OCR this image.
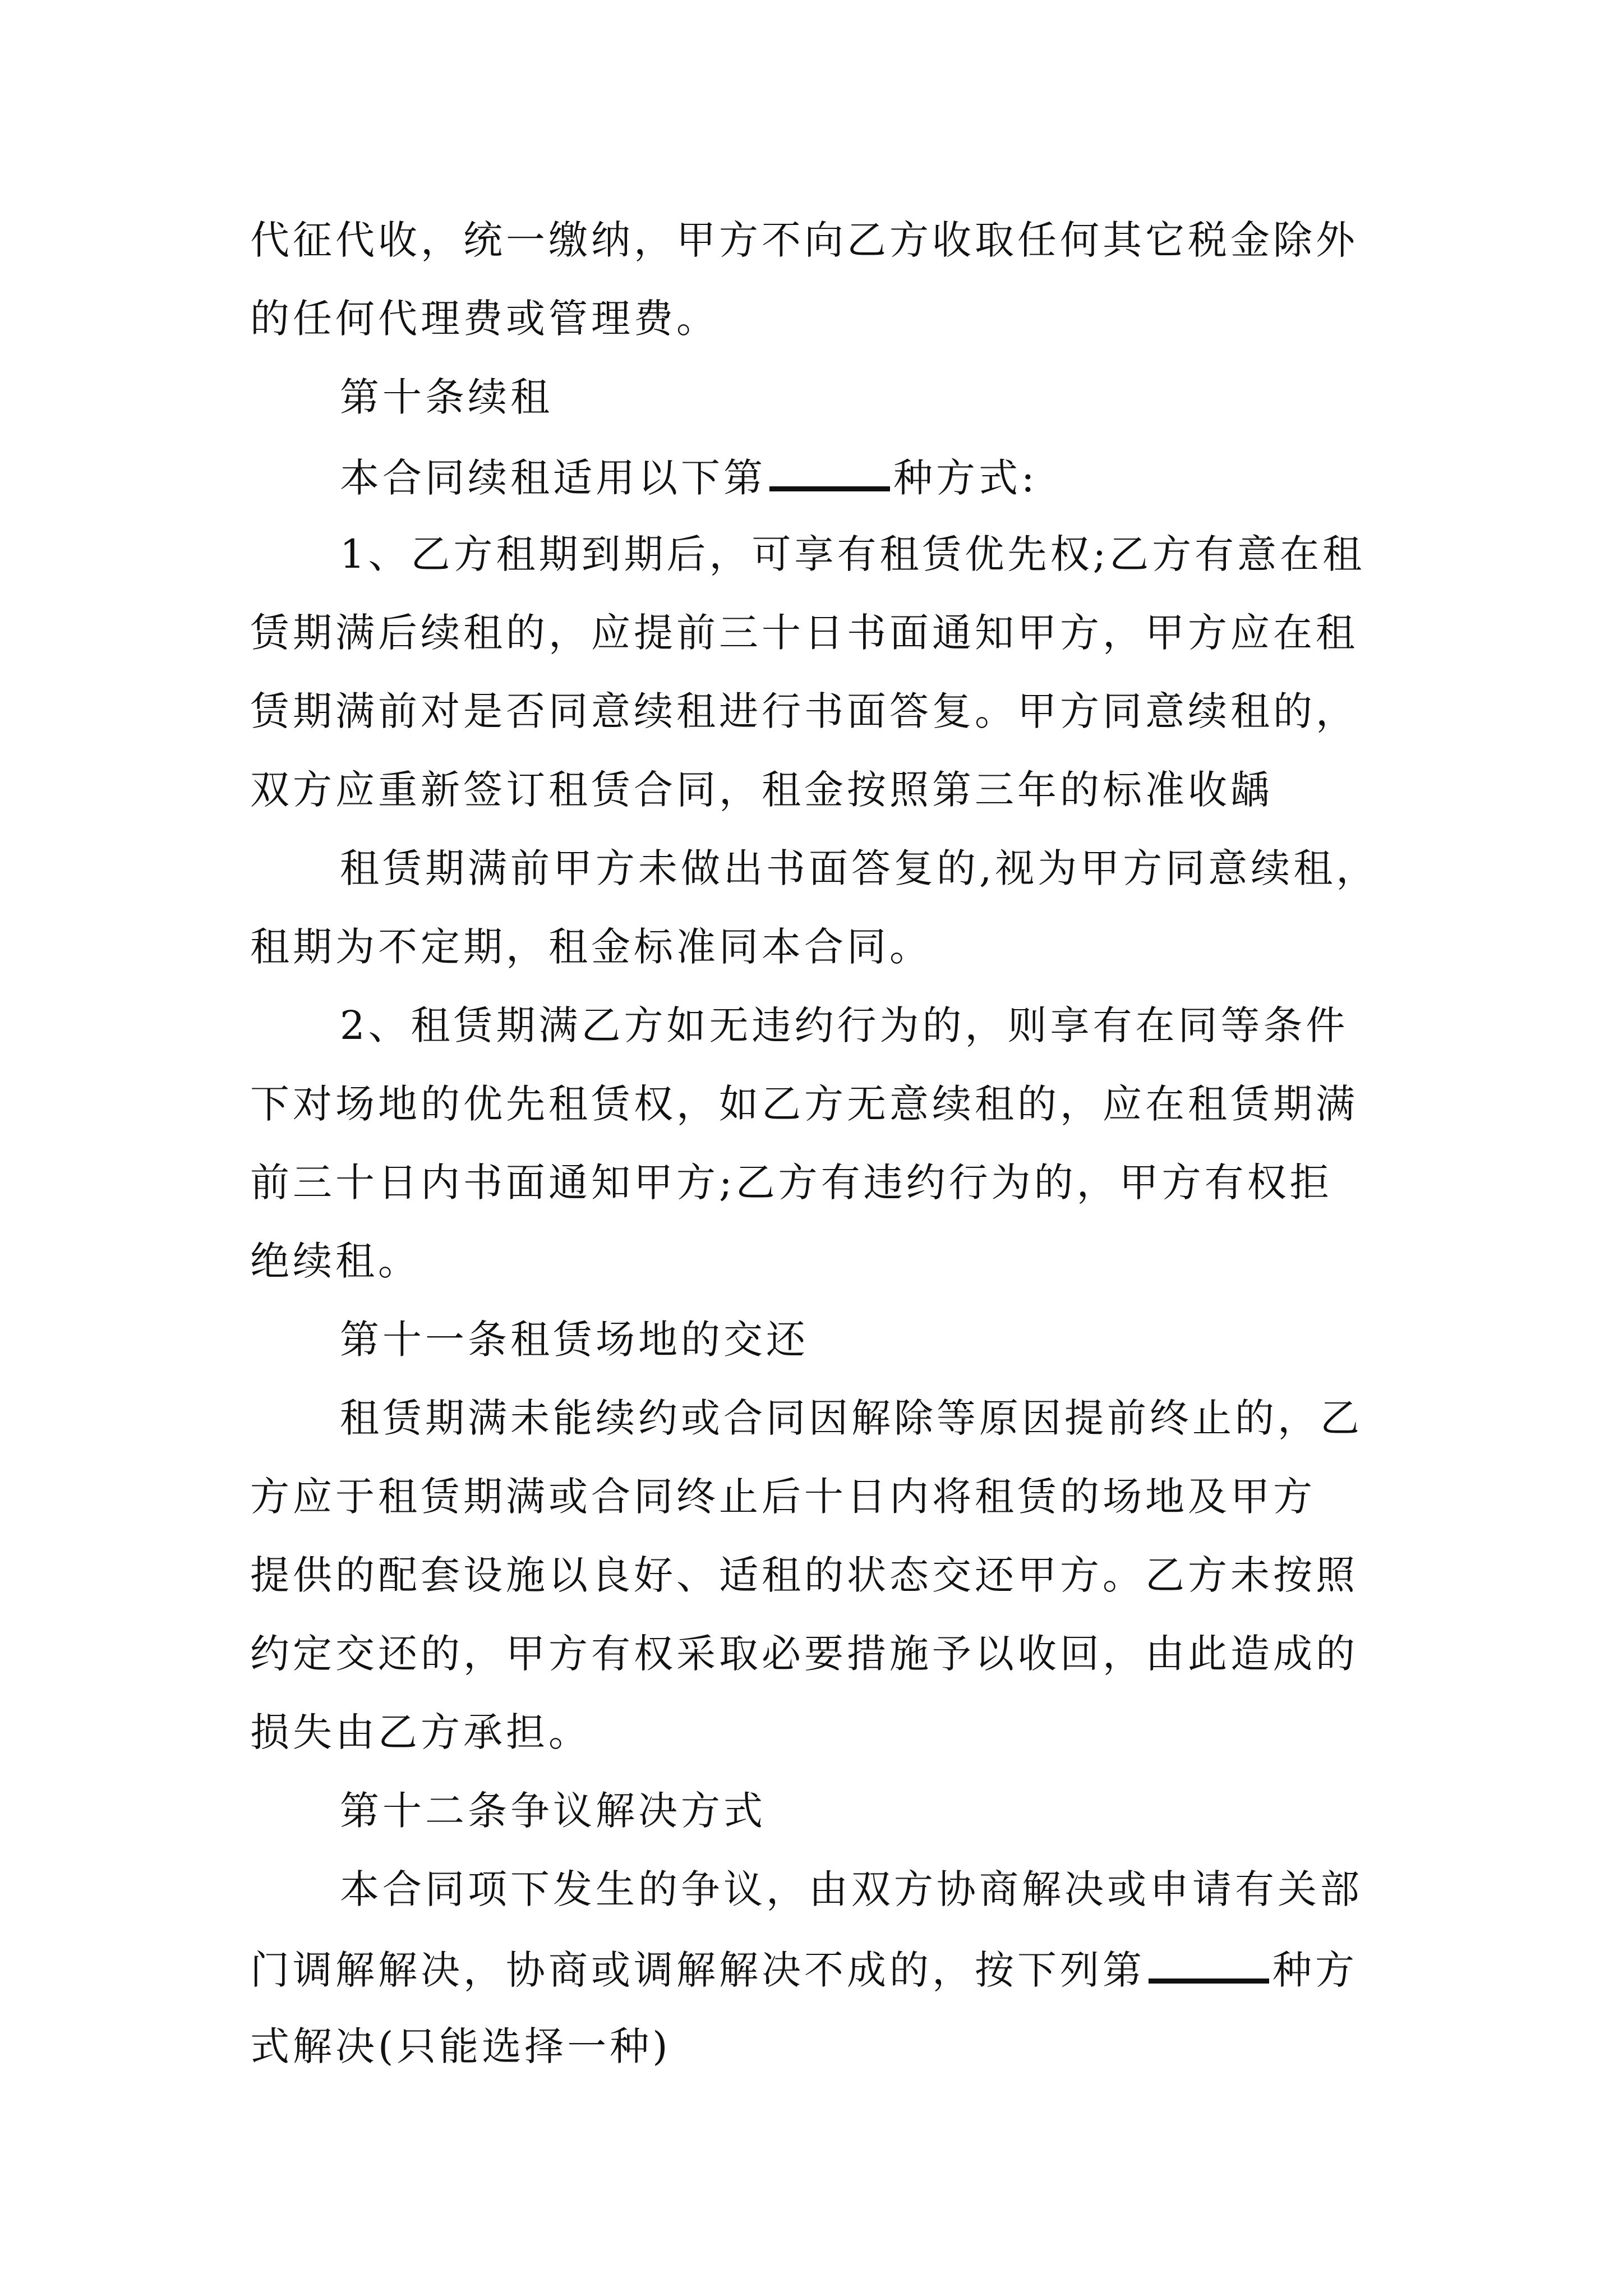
代征代收，统一缴纳，甲方不向乙方收取任何其它税金除外
的任何代理费或管理费。
第十条续租
本合同续租适用以下第	种方式:
1、乙方租期到期后，可享有租赁优先权;乙方有意在租
赁期满后续租的，应提前三十日书面通知甲方，甲方应在租
赁期满前对是否同意续租进行书面答复。甲方同意续租的，
双方应重新签订租赁合同，租金按照第三年的标准收龋
租赁期满前甲方未做出书面答复的,视为甲方同意续租，
租期为不定期，租金标准同本合同。
2、租赁期满乙方如无违约行为的，则享有在同等条件
下对场地的优先租赁权，如乙方无意续租的，应在租赁期满
前三十日内书面通知甲方;乙方有违约行为的，甲方有权拒
绝续租。
第十一条租赁场地的交还
租赁期满未能续约或合同因解除等原因提前终止的，乙
方应于租赁期满或合同终止后十日内将租赁的场地及甲方
提供的配套设施以良好、适租的状态交还甲方。乙方未按照
约定交还的，甲方有权采取必要措施予以收回，由此造成的
损失由乙方承担。
第十二条争议解决方式
本合同项下发生的争议，由双方协商解决或申请有关部
门调解解决，协商或调解解决不成的，按下列第	种方
式解决(只能选择一种)
